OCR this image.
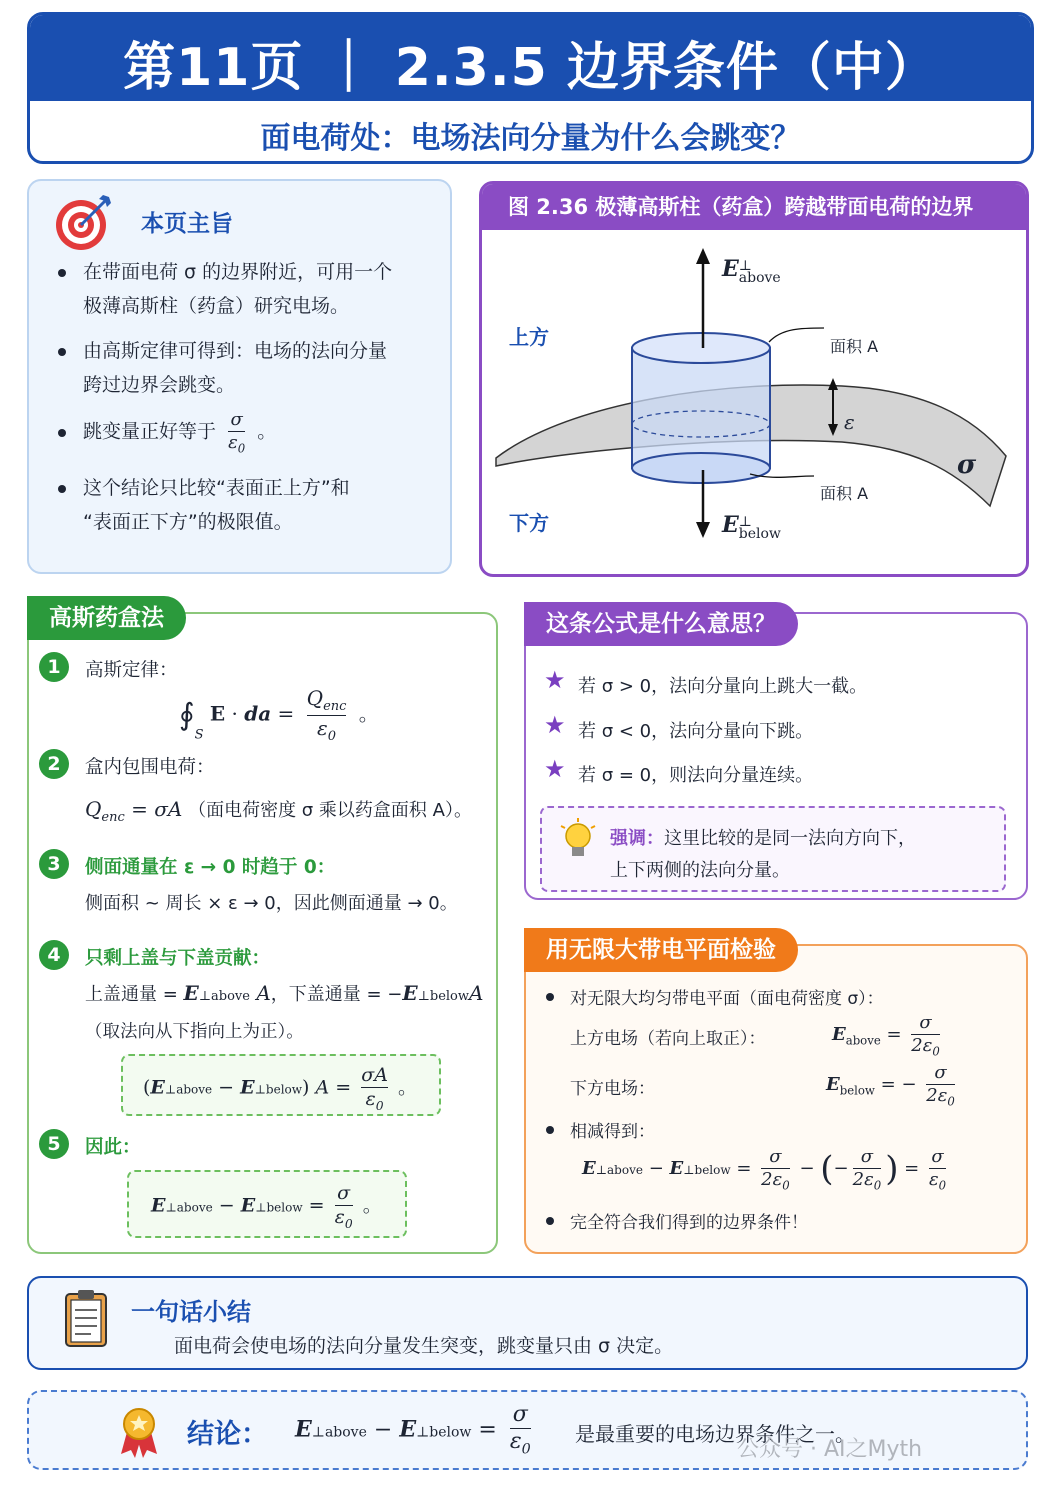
第11页 ｜ 2.3.5 边界条件（中）
面电荷处：电场法向分量为什么会跳变？
本页主旨
在带面电荷 σ 的边界附近，可用一个
极薄高斯柱（药盒）研究电场。
由高斯定律可得到：电场的法向分量
跨过边界会跳变。
跳变量正好等于 $\frac{\sigma}{\varepsilon_0}$ 。
这个结论只比较“表面正上方”和
“表面正下方”的极限值。
图 2.36 极薄高斯柱（药盒）跨越带面电荷的边界
上方
下方
面积 A
面积 A
ε
σ
E ⊥
above
E ⊥
below
高斯药盒法
1	高斯定律：
$∮_S$ E · da = $\frac{Q_{enc}}{\varepsilon_0}$ 。
2	盒内包围电荷：
$Q_{enc} = \sigma A$ （面电荷密度 σ 乘以药盒面积 A）。
3	侧面通量在 ε → 0 时趋于 0：
侧面积 ~ 周长 × ε → 0，因此侧面通量 → 0。
4	只剩上盖与下盖贡献：
上盖通量 = E⊥above A，下盖通量 = −E⊥belowA
（取法向从下指向上为正）。
(E⊥above − E⊥below) $A = \frac{\sigma A}{\varepsilon_0}$ 。
5	因此：
E⊥above − E⊥below = $\frac{\sigma}{\varepsilon_0}$ 。
这条公式是什么意思？
★ 若 σ > 0，法向分量向上跳大一截。
★ 若 σ < 0，法向分量向下跳。
★ 若 σ = 0，则法向分量连续。
强调：这里比较的是同一法向方向下，
上下两侧的法向分量。
用无限大带电平面检验
对无限大均匀带电平面（面电荷密度 σ）：
上方电场（若向上取正）：	$E_{above} = \frac{\sigma}{2\varepsilon_0}$
下方电场：	$E_{below}$ = − $\frac{\sigma}{2\varepsilon_0}$
相减得到：
E⊥above − E⊥below = $\frac{\sigma}{2\varepsilon_0}$ − (− $\frac{\sigma}{2\varepsilon_0}$ ) = $\frac{\sigma}{\varepsilon_0}$
完全符合我们得到的边界条件！
一句话小结
面电荷会使电场的法向分量发生突变，跳变量只由 σ 决定。
结论： E⊥above − E⊥below = $\frac{\sigma}{\varepsilon_0}$ 是最重要的电场边界条件之一。
公众号 · AI之Myth
